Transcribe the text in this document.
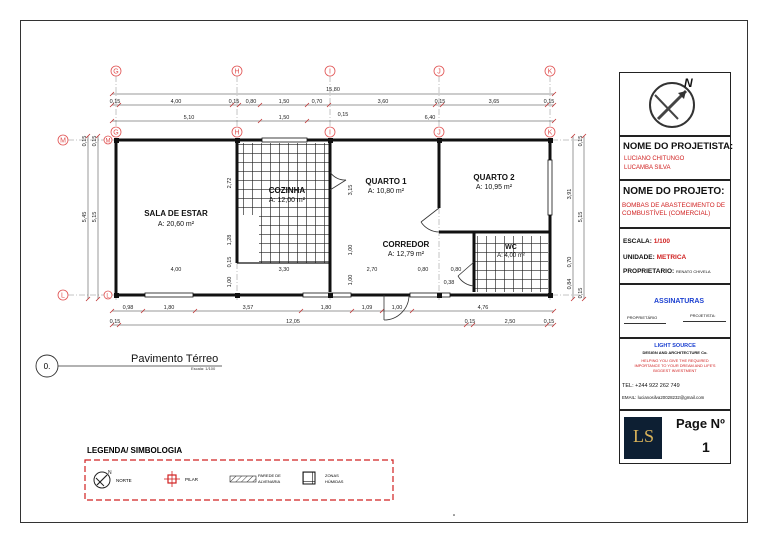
G	H	I	J	K
G	H	I	J	K
M
L
M
L
15,80
0,15	4,00	0,15 0,80	1,50	0,70	3,60	0,15	3,65	0,15
5,10	1,50	6,40
0,15
0,98	1,80	3,57	1,80	1,09	1,00	4,76
0,15	12,05	0,15	2,50	0,15
0,15
5,45 5,15
0,15	0,15
3,91
5,15
0,70
0,84
0,15
4,00	3,30	2,70	0,80	0,80
0,38
2,72
1,28
0,15
1,00
3,15
1,00
1,00
SALA DE ESTAR
A: 20,60 m²
COZINHA
A: 12,00 m²
QUARTO 1
A: 10,80 m²
QUARTO 2
A: 10,95 m²
CORREDOR
A: 12,79 m²
WC
A: 4,00 m²
0.
Pavimento Térreo
Escala: 1/100
LEGENDA/ SIMBOLOGIA
N
NORTE	PILAR
PAREDE DE
ALVENARIA
ZONAS
HÚMIDAS
N
NOME DO PROJETISTA:
LUCIANO CHITUNGO
LUCAMBA SILVA
NOME DO PROJETO:
BOMBAS DE ABASTECIMENTO DE
COMBUSTÍVEL (COMERCIAL)
ESCALA: 1/100
UNIDADE: METRICA
PROPRIETARIO: RENATO CHIVELA
ASSINATURAS
PROPRIETÁRIO	PROJETISTA:
LIGHT SOURCE
DESIGN AND ARCHITECTURE Co.
HELPING YOU GIVE THE REQUIRED
IMPORTANCE TO YOUR DREAM AND LIFE'S
BIGGEST INVESTMENT
TEL: +244 922 262 749
EMAIL: lucianosilva20028232@gmail.com
LS
Page Nº
1
